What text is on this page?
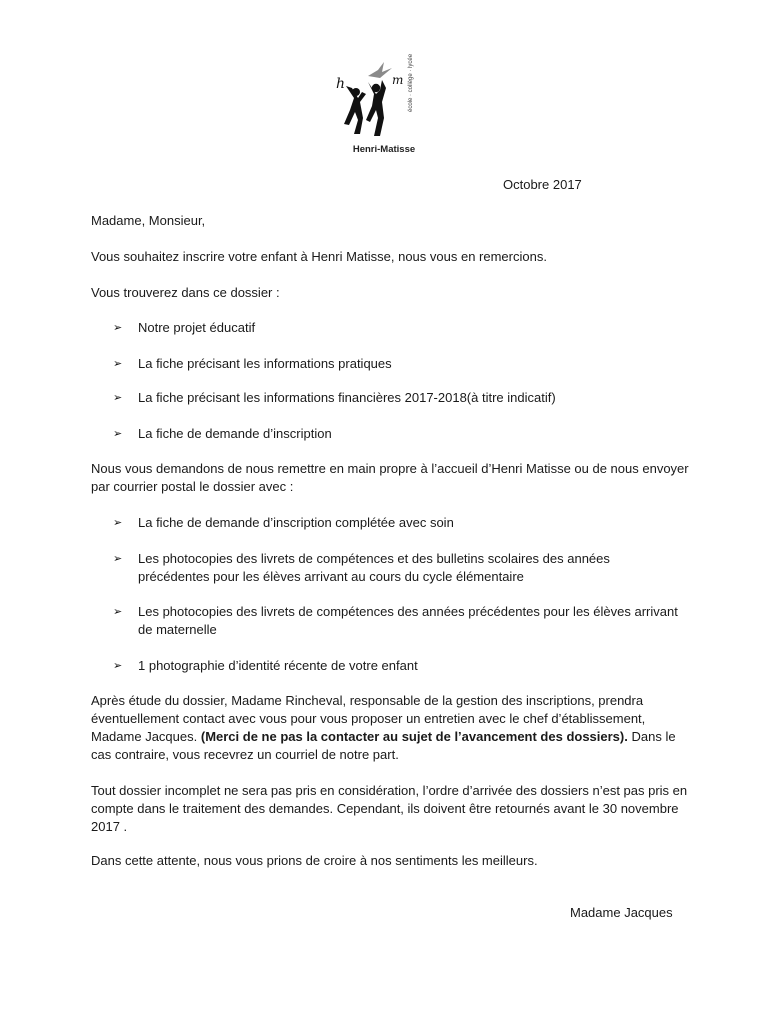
h	m école · collège · lycée
Henri-Matisse
Octobre 2017
Madame, Monsieur,
Vous souhaitez inscrire votre enfant à Henri Matisse, nous vous en remercions.
Vous trouverez dans ce dossier :
➢ Notre projet éducatif
➢ La fiche précisant les informations pratiques
➢ La fiche précisant les informations financières 2017-2018(à titre indicatif)
➢ La fiche de demande d’inscription
Nous vous demandons de nous remettre en main propre à l’accueil d’Henri Matisse ou de nous envoyer par courrier postal le dossier avec :
➢ La fiche de demande d’inscription complétée avec soin
➢ Les photocopies des livrets de compétences et des bulletins scolaires des années précédentes pour les élèves arrivant au cours du cycle élémentaire
➢ Les photocopies des livrets de compétences des années précédentes pour les élèves arrivant de maternelle
➢ 1 photographie d’identité récente de votre enfant
Après étude du dossier, Madame Rincheval, responsable de la gestion des inscriptions, prendra éventuellement contact avec vous pour vous proposer un entretien avec le chef d’établissement, Madame Jacques. (Merci de ne pas la contacter au sujet de l’avancement des dossiers). Dans le cas contraire, vous recevrez un courriel de notre part.
Tout dossier incomplet ne sera pas pris en considération, l’ordre d’arrivée des dossiers n’est pas pris en compte dans le traitement des demandes. Cependant, ils doivent être retournés avant le 30 novembre 2017 .
Dans cette attente, nous vous prions de croire à nos sentiments les meilleurs.
Madame Jacques
